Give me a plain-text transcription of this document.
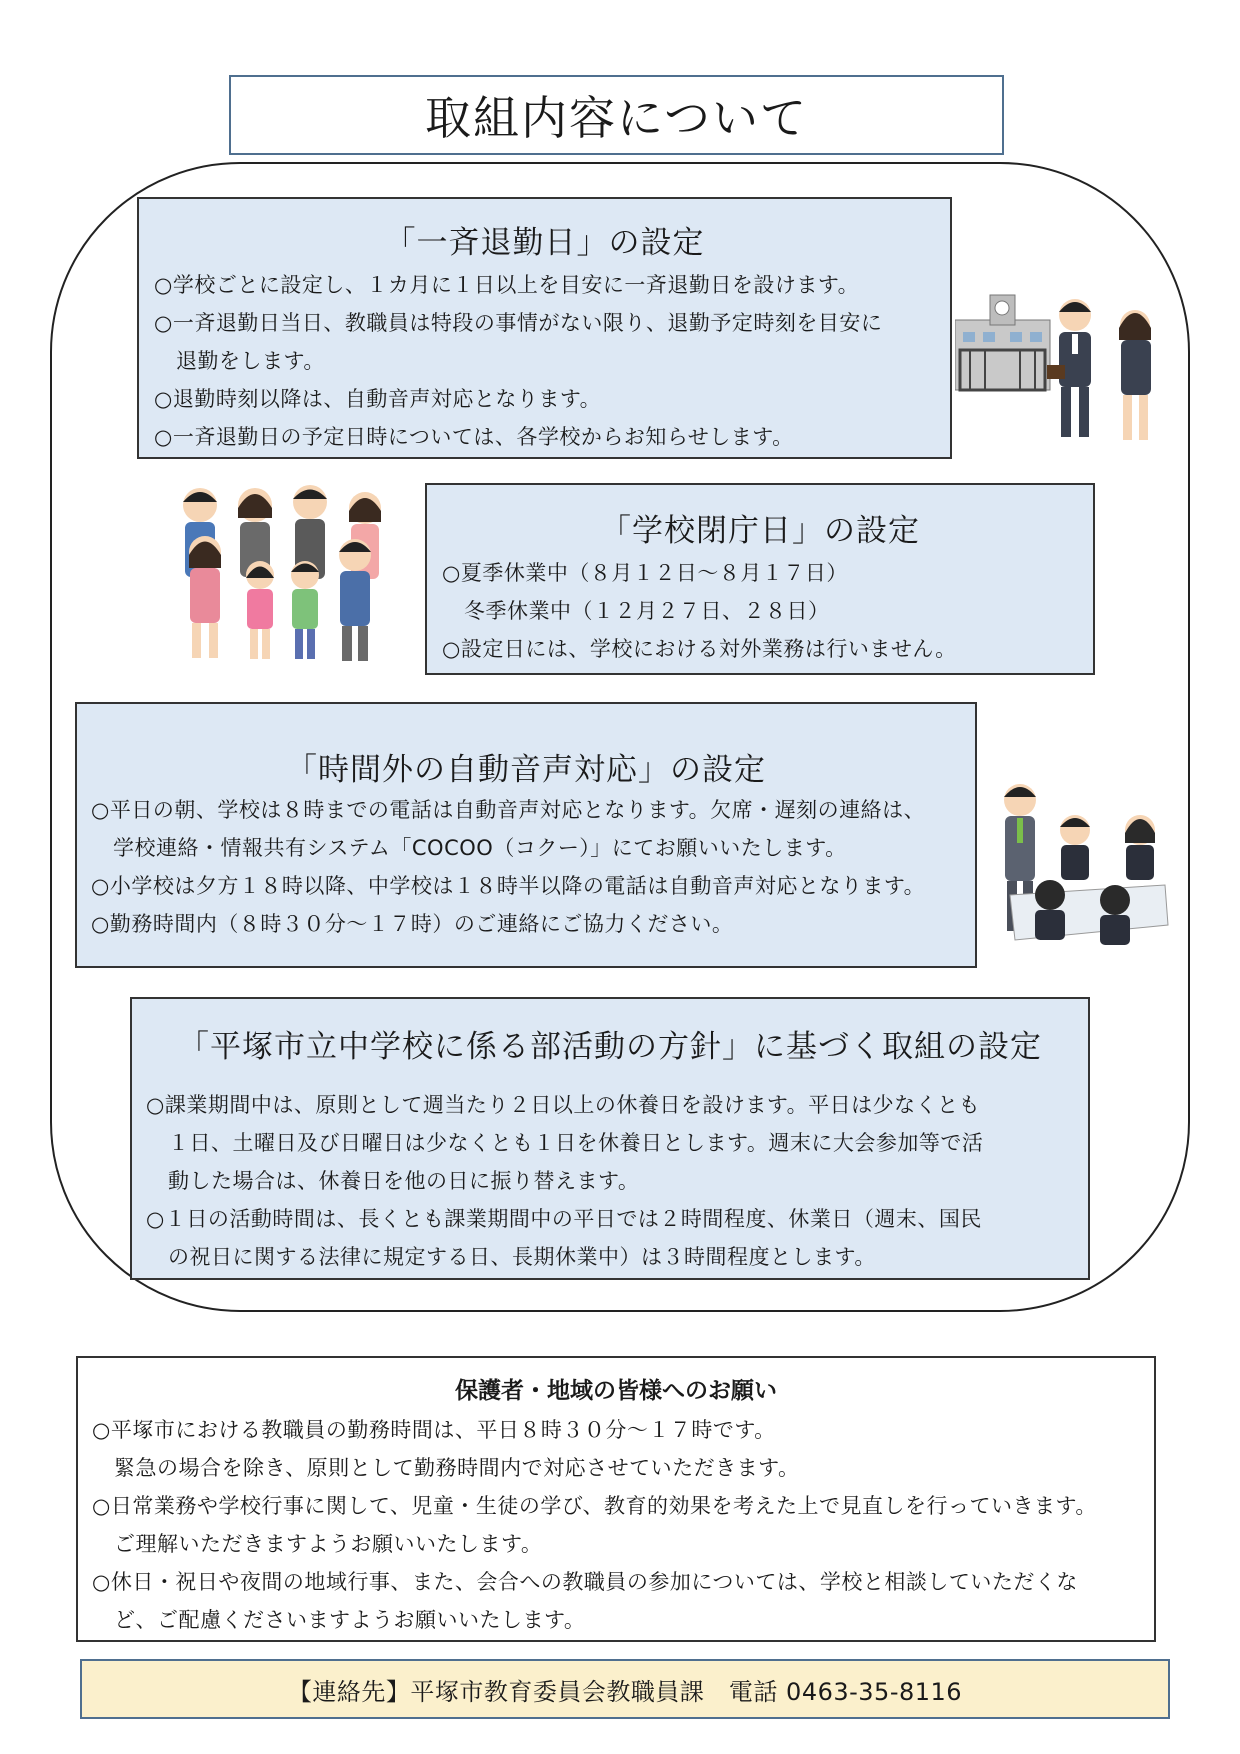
取組内容について
「一斉退勤日」の設定
○学校ごとに設定し、１カ月に１日以上を目安に一斉退勤日を設けます。
○一斉退勤日当日、教職員は特段の事情がない限り、退勤予定時刻を目安に
退勤をします。
○退勤時刻以降は、自動音声対応となります。
○一斉退勤日の予定日時については、各学校からお知らせします。
「学校閉庁日」の設定
○夏季休業中（８月１２日～８月１７日）
冬季休業中（１２月２７日、２８日）
○設定日には、学校における対外業務は行いません。
「時間外の自動音声対応」の設定
○平日の朝、学校は８時までの電話は自動音声対応となります。欠席・遅刻の連絡は、
学校連絡・情報共有システム「COCOO（コクー）」にてお願いいたします。
○小学校は夕方１８時以降、中学校は１８時半以降の電話は自動音声対応となります。
○勤務時間内（８時３０分～１７時）のご連絡にご協力ください。
「平塚市立中学校に係る部活動の方針」に基づく取組の設定
○課業期間中は、原則として週当たり２日以上の休養日を設けます。平日は少なくとも
１日、土曜日及び日曜日は少なくとも１日を休養日とします。週末に大会参加等で活
動した場合は、休養日を他の日に振り替えます。
○１日の活動時間は、長くとも課業期間中の平日では２時間程度、休業日（週末、国民
の祝日に関する法律に規定する日、長期休業中）は３時間程度とします。
保護者・地域の皆様へのお願い
○平塚市における教職員の勤務時間は、平日８時３０分～１７時です。
緊急の場合を除き、原則として勤務時間内で対応させていただきます。
○日常業務や学校行事に関して、児童・生徒の学び、教育的効果を考えた上で見直しを行っていきます。
ご理解いただきますようお願いいたします。
○休日・祝日や夜間の地域行事、また、会合への教職員の参加については、学校と相談していただくな
ど、ご配慮くださいますようお願いいたします。
【連絡先】平塚市教育委員会教職員課　電話 0463-35-8116
